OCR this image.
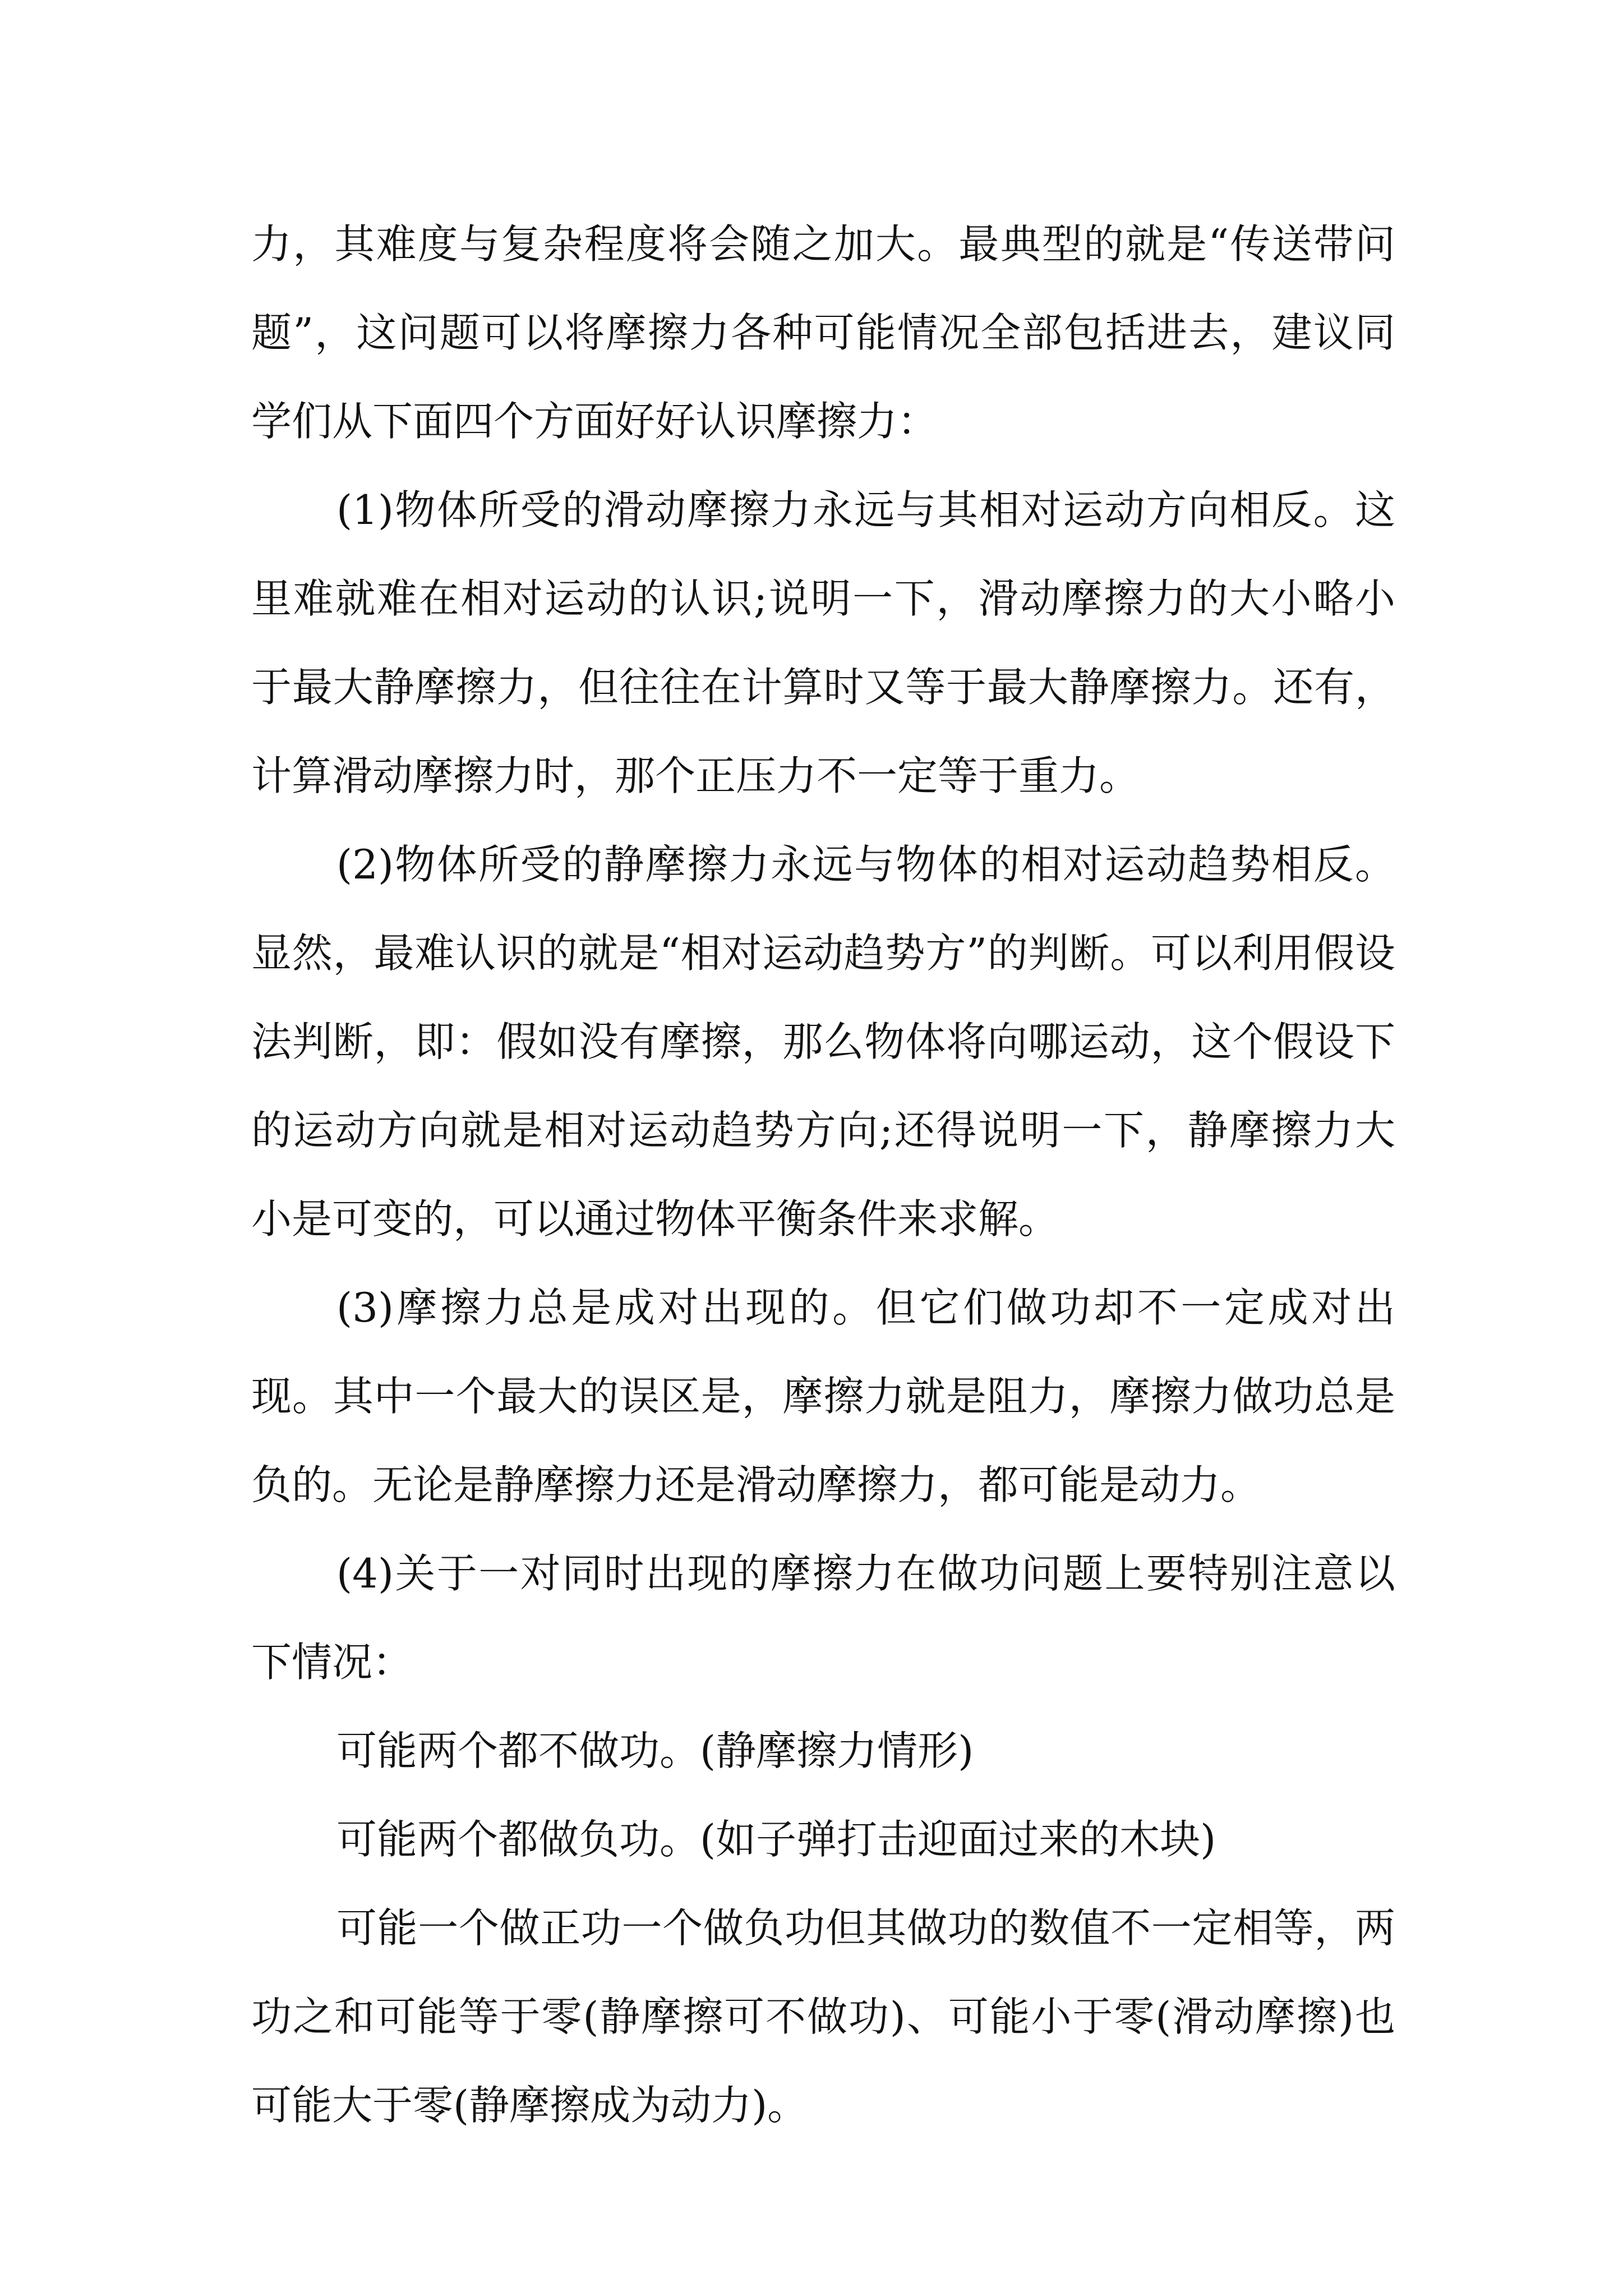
力，其难度与复杂程度将会随之加大。最典型的就是“传送带问题”，这问题可以将摩擦力各种可能情况全部包括进去，建议同学们从下面四个方面好好认识摩擦力：

(1)物体所受的滑动摩擦力永远与其相对运动方向相反。这里难就难在相对运动的认识;说明一下，滑动摩擦力的大小略小于最大静摩擦力，但往往在计算时又等于最大静摩擦力。还有，计算滑动摩擦力时，那个正压力不一定等于重力。

(2)物体所受的静摩擦力永远与物体的相对运动趋势相反。显然，最难认识的就是“相对运动趋势方”的判断。可以利用假设法判断，即：假如没有摩擦，那么物体将向哪运动，这个假设下的运动方向就是相对运动趋势方向;还得说明一下，静摩擦力大小是可变的，可以通过物体平衡条件来求解。

(3)摩擦力总是成对出现的。但它们做功却不一定成对出现。其中一个最大的误区是，摩擦力就是阻力，摩擦力做功总是负的。无论是静摩擦力还是滑动摩擦力，都可能是动力。

(4)关于一对同时出现的摩擦力在做功问题上要特别注意以下情况：

可能两个都不做功。(静摩擦力情形)

可能两个都做负功。(如子弹打击迎面过来的木块)

可能一个做正功一个做负功但其做功的数值不一定相等，两功之和可能等于零(静摩擦可不做功)、可能小于零(滑动摩擦)也可能大于零(静摩擦成为动力)。
